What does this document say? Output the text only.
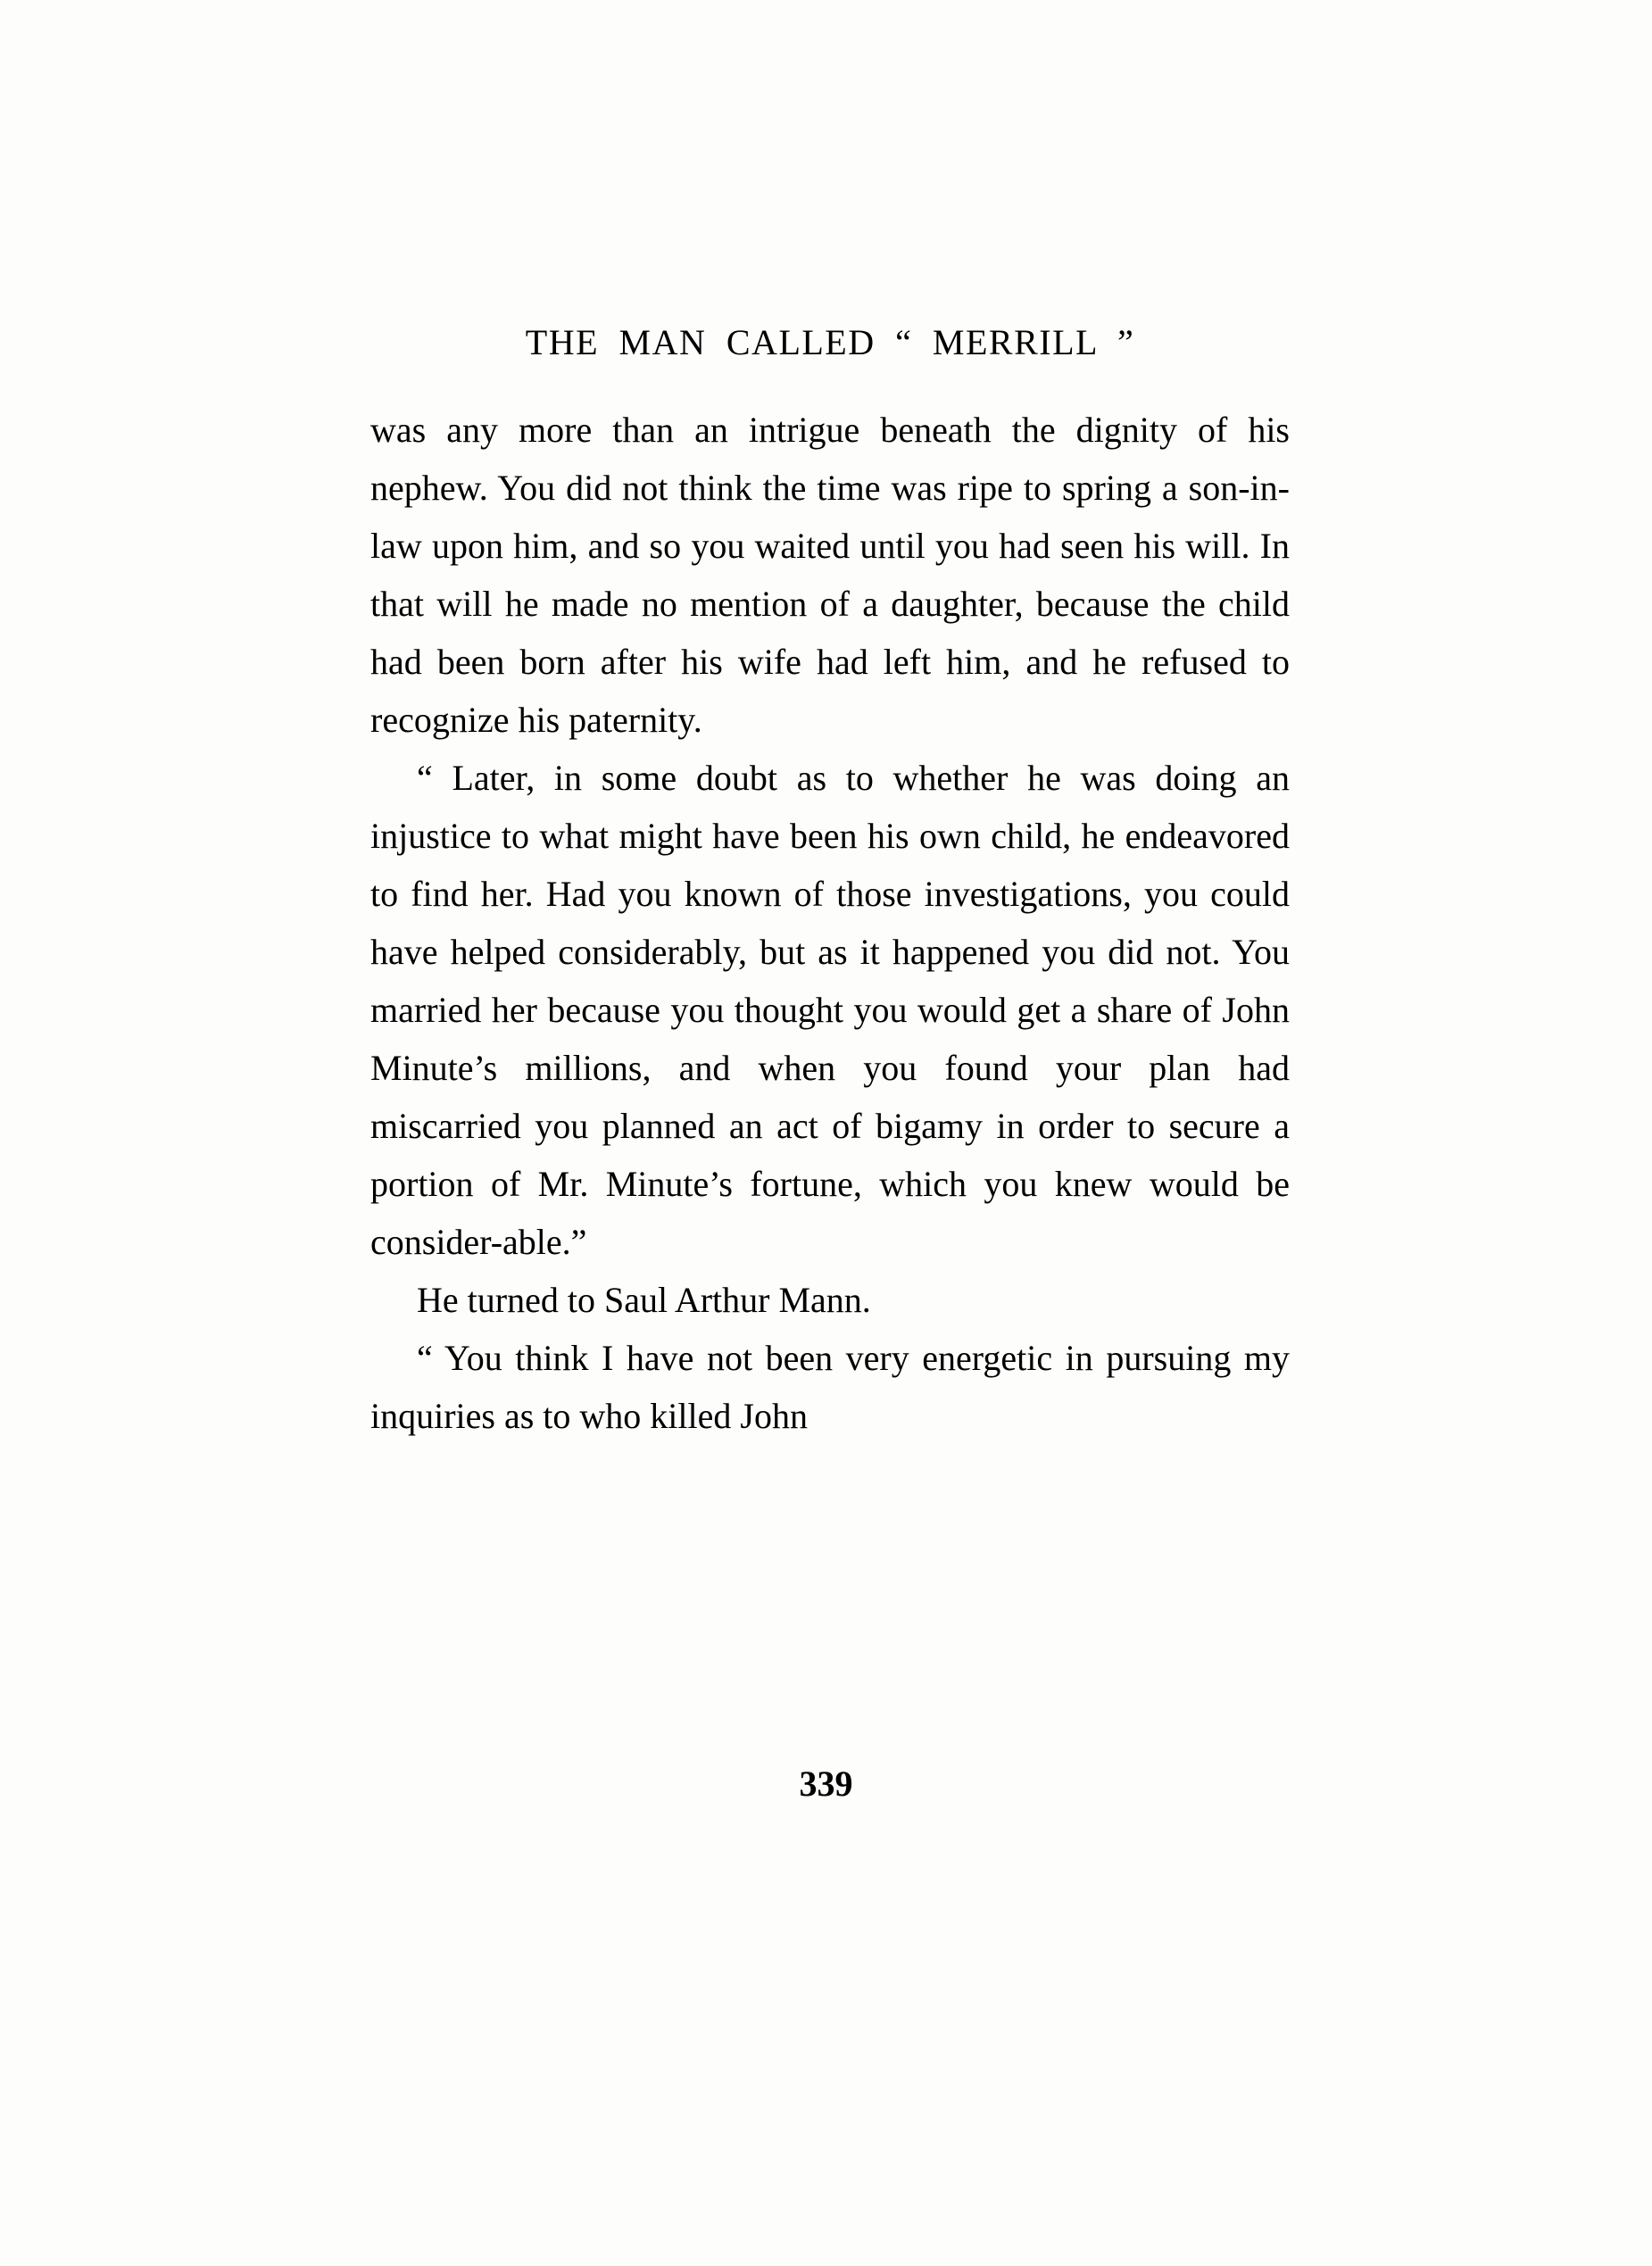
THE MAN CALLED “ MERRILL ”

was any more than an intrigue beneath the dignity of his nephew. You did not think the time was ripe to spring a son-in-law upon him, and so you waited until you had seen his will. In that will he made no mention of a daughter, because the child had been born after his wife had left him, and he refused to recognize his paternity.

“ Later, in some doubt as to whether he was doing an injustice to what might have been his own child, he endeavored to find her. Had you known of those investigations, you could have helped considerably, but as it happened you did not. You married her because you thought you would get a share of John Minute’s millions, and when you found your plan had miscarried you planned an act of bigamy in order to secure a portion of Mr. Minute’s fortune, which you knew would be consider-able.”

He turned to Saul Arthur Mann.

“ You think I have not been very energetic in pursuing my inquiries as to who killed John

339
